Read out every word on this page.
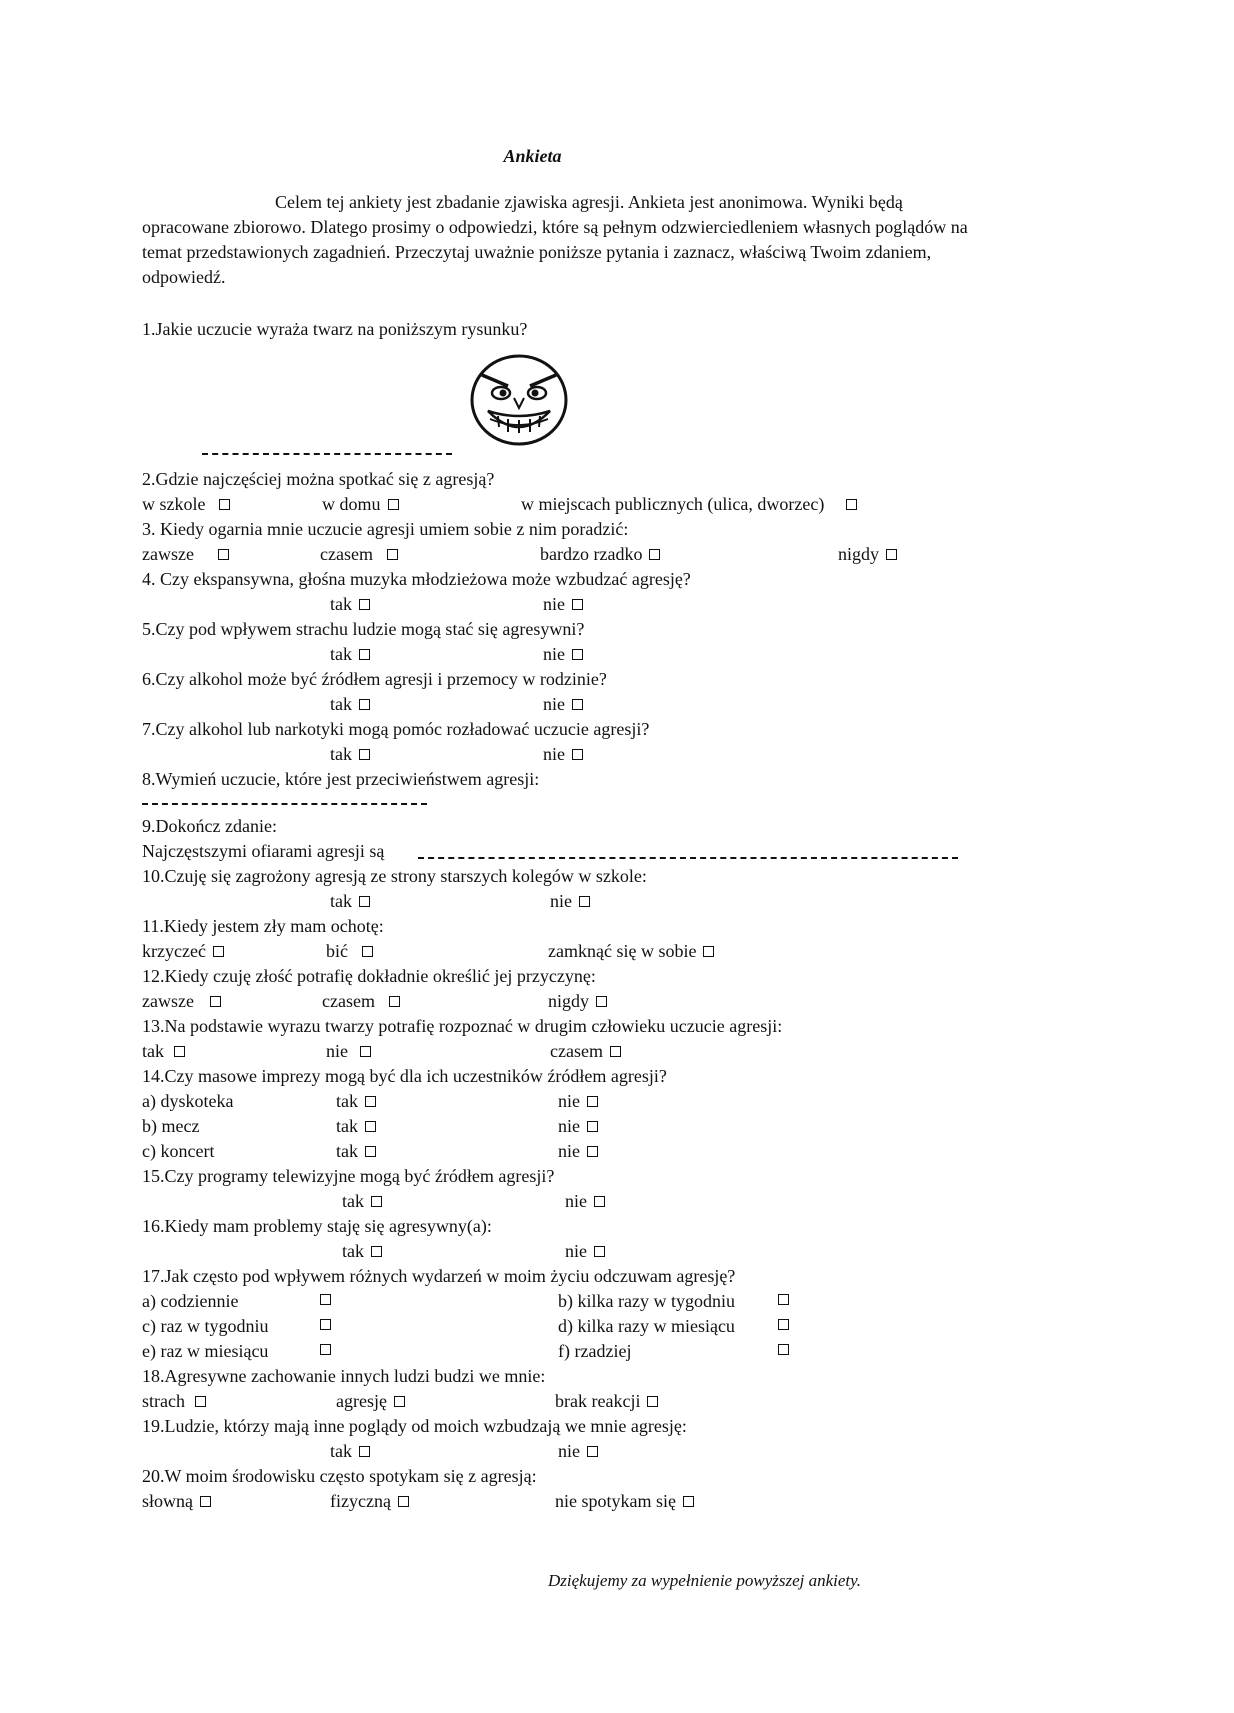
Ankieta
Celem tej ankiety jest zbadanie zjawiska agresji. Ankieta jest anonimowa. Wyniki będą
opracowane zbiorowo. Dlatego prosimy o odpowiedzi, które są pełnym odzwierciedleniem własnych poglądów na
temat przedstawionych zagadnień. Przeczytaj uważnie poniższe pytania i zaznacz, właściwą Twoim zdaniem,
odpowiedź.
1.Jakie uczucie wyraża twarz na poniższym rysunku?
2.Gdzie najczęściej można spotkać się z agresją?
w szkole	w domu	w miejscach publicznych (ulica, dworzec)
3. Kiedy ogarnia mnie uczucie agresji umiem sobie z nim poradzić:
zawsze	czasem	bardzo rzadko	nigdy
4. Czy ekspansywna, głośna muzyka młodzieżowa może wzbudzać agresję?
tak	nie
5.Czy pod wpływem strachu ludzie mogą stać się agresywni?
tak	nie
6.Czy alkohol może być źródłem agresji i przemocy w rodzinie?
tak	nie
7.Czy alkohol lub narkotyki mogą pomóc rozładować uczucie agresji?
tak	nie
8.Wymień uczucie, które jest przeciwieństwem agresji:
9.Dokończ zdanie:
Najczęstszymi ofiarami agresji są
10.Czuję się zagrożony agresją ze strony starszych kolegów w szkole:
tak	nie
11.Kiedy jestem zły mam ochotę:
krzyczeć	bić	zamknąć się w sobie
12.Kiedy czuję złość potrafię dokładnie określić jej przyczynę:
zawsze	czasem	nigdy
13.Na podstawie wyrazu twarzy potrafię rozpoznać w drugim człowieku uczucie agresji:
tak	nie	czasem
14.Czy masowe imprezy mogą być dla ich uczestników źródłem agresji?
a) dyskoteka	tak	nie
b) mecz	tak	nie
c) koncert	tak	nie
15.Czy programy telewizyjne mogą być źródłem agresji?
tak	nie
16.Kiedy mam problemy staję się agresywny(a):
tak	nie
17.Jak często pod wpływem różnych wydarzeń w moim życiu odczuwam agresję?
a) codziennie	b) kilka razy w tygodniu
c) raz w tygodniu	d) kilka razy w miesiącu
e) raz w miesiącu	f) rzadziej
18.Agresywne zachowanie innych ludzi budzi we mnie:
strach	agresję	brak reakcji
19.Ludzie, którzy mają inne poglądy od moich wzbudzają we mnie agresję:
tak	nie
20.W moim środowisku często spotykam się z agresją:
słowną	fizyczną	nie spotykam się
Dziękujemy za wypełnienie powyższej ankiety.
